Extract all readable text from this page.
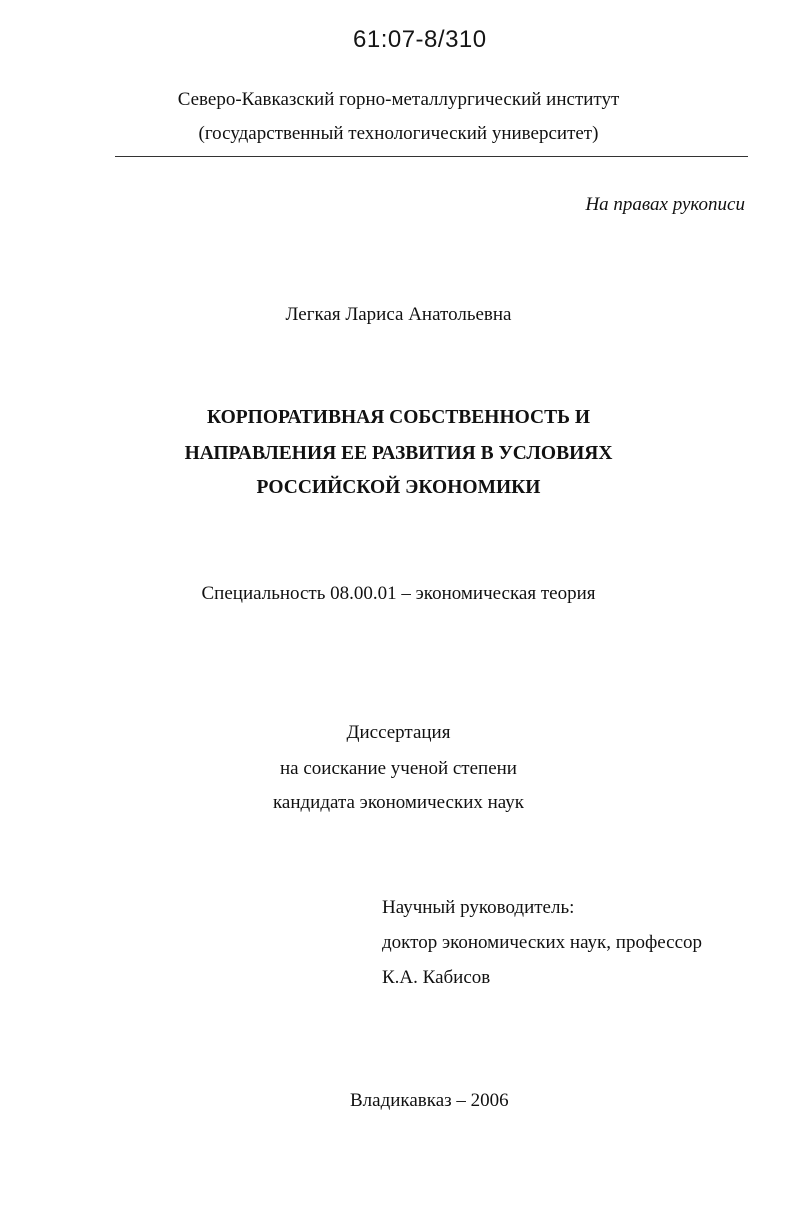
61:07-8/310
Северо-Кавказский горно-металлургический институт
(государственный технологический университет)
На правах рукописи
Легкая Лариса Анатольевна
КОРПОРАТИВНАЯ СОБСТВЕННОСТЬ И
НАПРАВЛЕНИЯ ЕЕ РАЗВИТИЯ В УСЛОВИЯХ
РОССИЙСКОЙ ЭКОНОМИКИ
Специальность 08.00.01 – экономическая теория
Диссертация
на соискание ученой степени
кандидата экономических наук
Научный руководитель:
доктор экономических наук, профессор
К.А. Кабисов
Владикавказ – 2006
